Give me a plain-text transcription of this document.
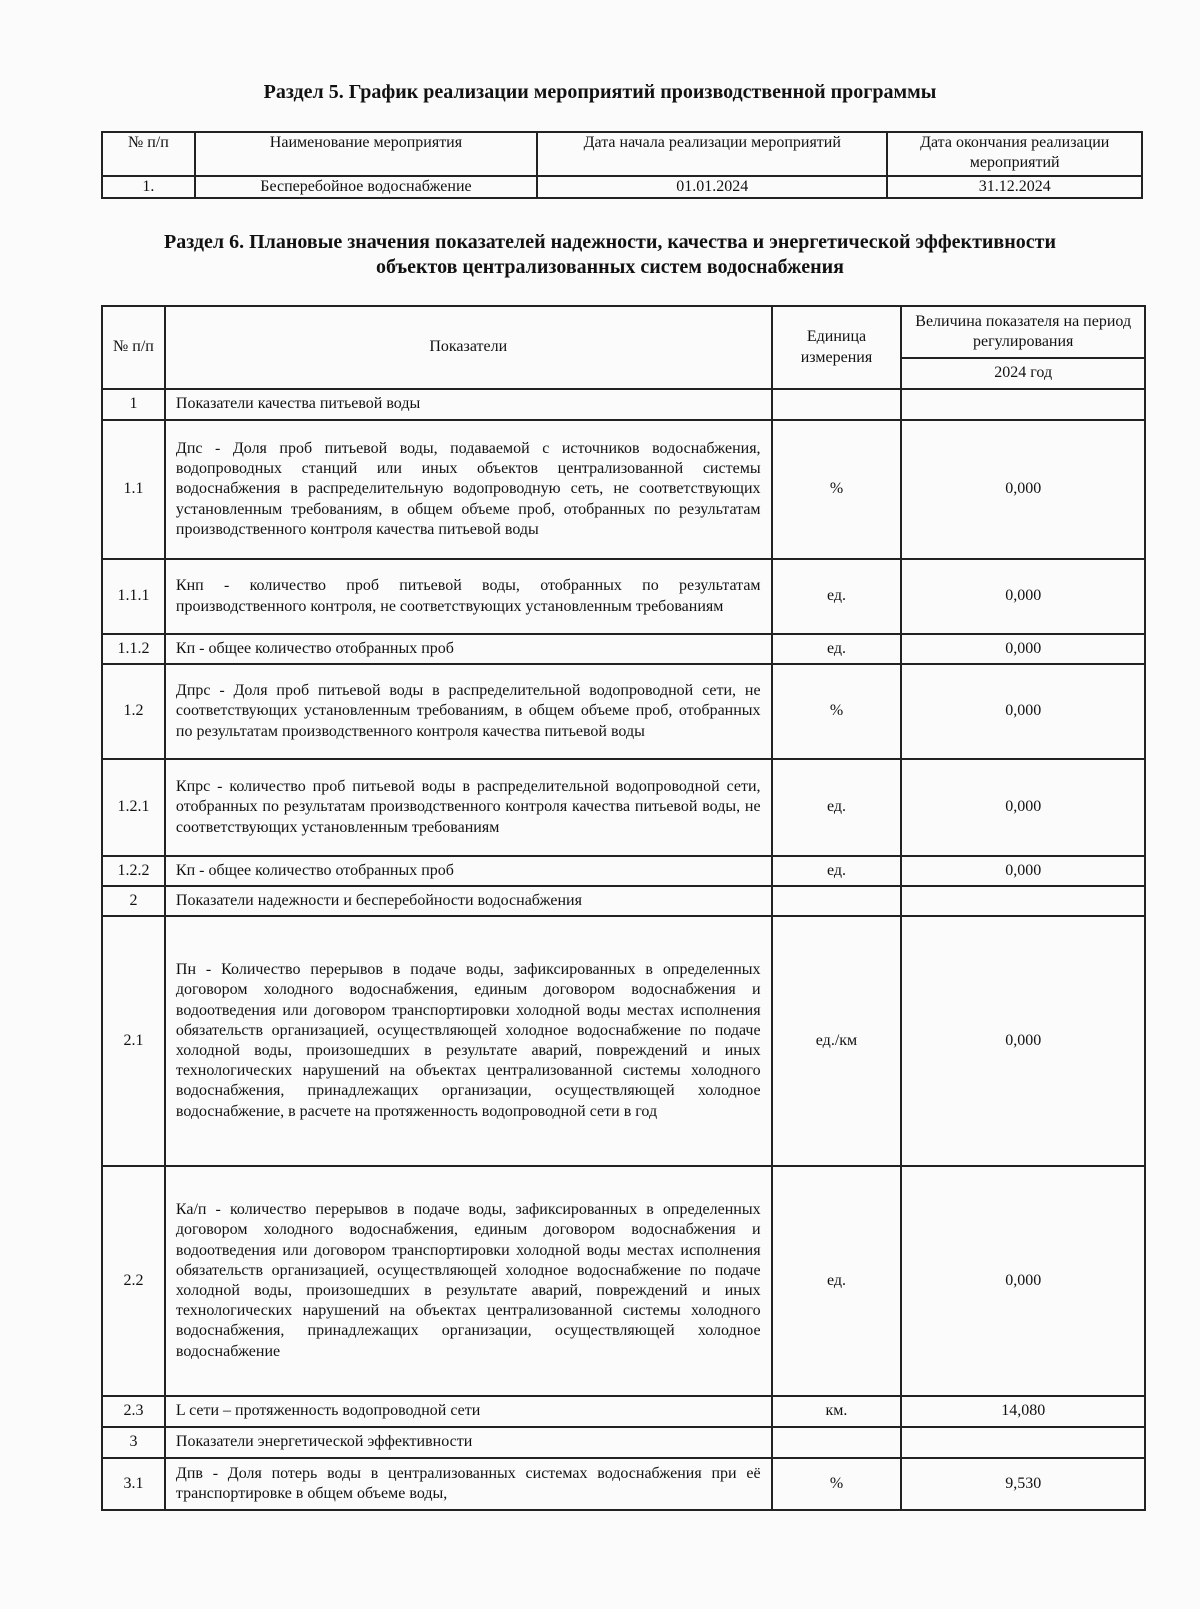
Раздел 5. График реализации мероприятий производственной программы
№ п/п	Наименование мероприятия	Дата начала реализации мероприятий	Дата окончания реализации мероприятий
1.	Бесперебойное водоснабжение	01.01.2024	31.12.2024
Раздел 6. Плановые значения показателей надежности, качества и энергетической эффективности объектов централизованных систем водоснабжения
№ п/п	Показатели	Единица измерения	Величина показателя на период регулирования
			2024 год
1	Показатели качества питьевой воды		
1.1	Дпс - Доля проб питьевой воды, подаваемой с источников водоснабжения, водопроводных станций или иных объектов централизованной системы водоснабжения в распределительную водопроводную сеть, не соответствующих установленным требованиям, в общем объеме проб, отобранных по результатам производственного контроля качества питьевой воды	%	0,000
1.1.1	Кнп - количество проб питьевой воды, отобранных по результатам производственного контроля, не соответствующих установленным требованиям	ед.	0,000
1.1.2	Кп - общее количество отобранных проб	ед.	0,000
1.2	Дпрс - Доля проб питьевой воды в распределительной водопроводной сети, не соответствующих установленным требованиям, в общем объеме проб, отобранных по результатам производственного контроля качества питьевой воды	%	0,000
1.2.1	Кпрс - количество проб питьевой воды в распределительной водопроводной сети, отобранных по результатам производственного контроля качества питьевой воды, не соответствующих установленным требованиям	ед.	0,000
1.2.2	Кп - общее количество отобранных проб	ед.	0,000
2	Показатели надежности и бесперебойности водоснабжения		
2.1	Пн - Количество перерывов в подаче воды, зафиксированных в определенных договором холодного водоснабжения, единым договором водоснабжения и водоотведения или договором транспортировки холодной воды местах исполнения обязательств организацией, осуществляющей холодное водоснабжение по подаче холодной воды, произошедших в результате аварий, повреждений и иных технологических нарушений на объектах централизованной системы холодного водоснабжения, принадлежащих организации, осуществляющей холодное водоснабжение, в расчете на протяженность водопроводной сети в год	ед./км	0,000
2.2	Ка/п - количество перерывов в подаче воды, зафиксированных в определенных договором холодного водоснабжения, единым договором водоснабжения и водоотведения или договором транспортировки холодной воды местах исполнения обязательств организацией, осуществляющей холодное водоснабжение по подаче холодной воды, произошедших в результате аварий, повреждений и иных технологических нарушений на объектах централизованной системы холодного водоснабжения, принадлежащих организации, осуществляющей холодное водоснабжение	ед.	0,000
2.3	L сети – протяженность водопроводной сети	км.	14,080
3	Показатели энергетической эффективности		
3.1	Дпв - Доля потерь воды в централизованных системах водоснабжения при её транспортировке в общем объеме воды,	%	9,530
